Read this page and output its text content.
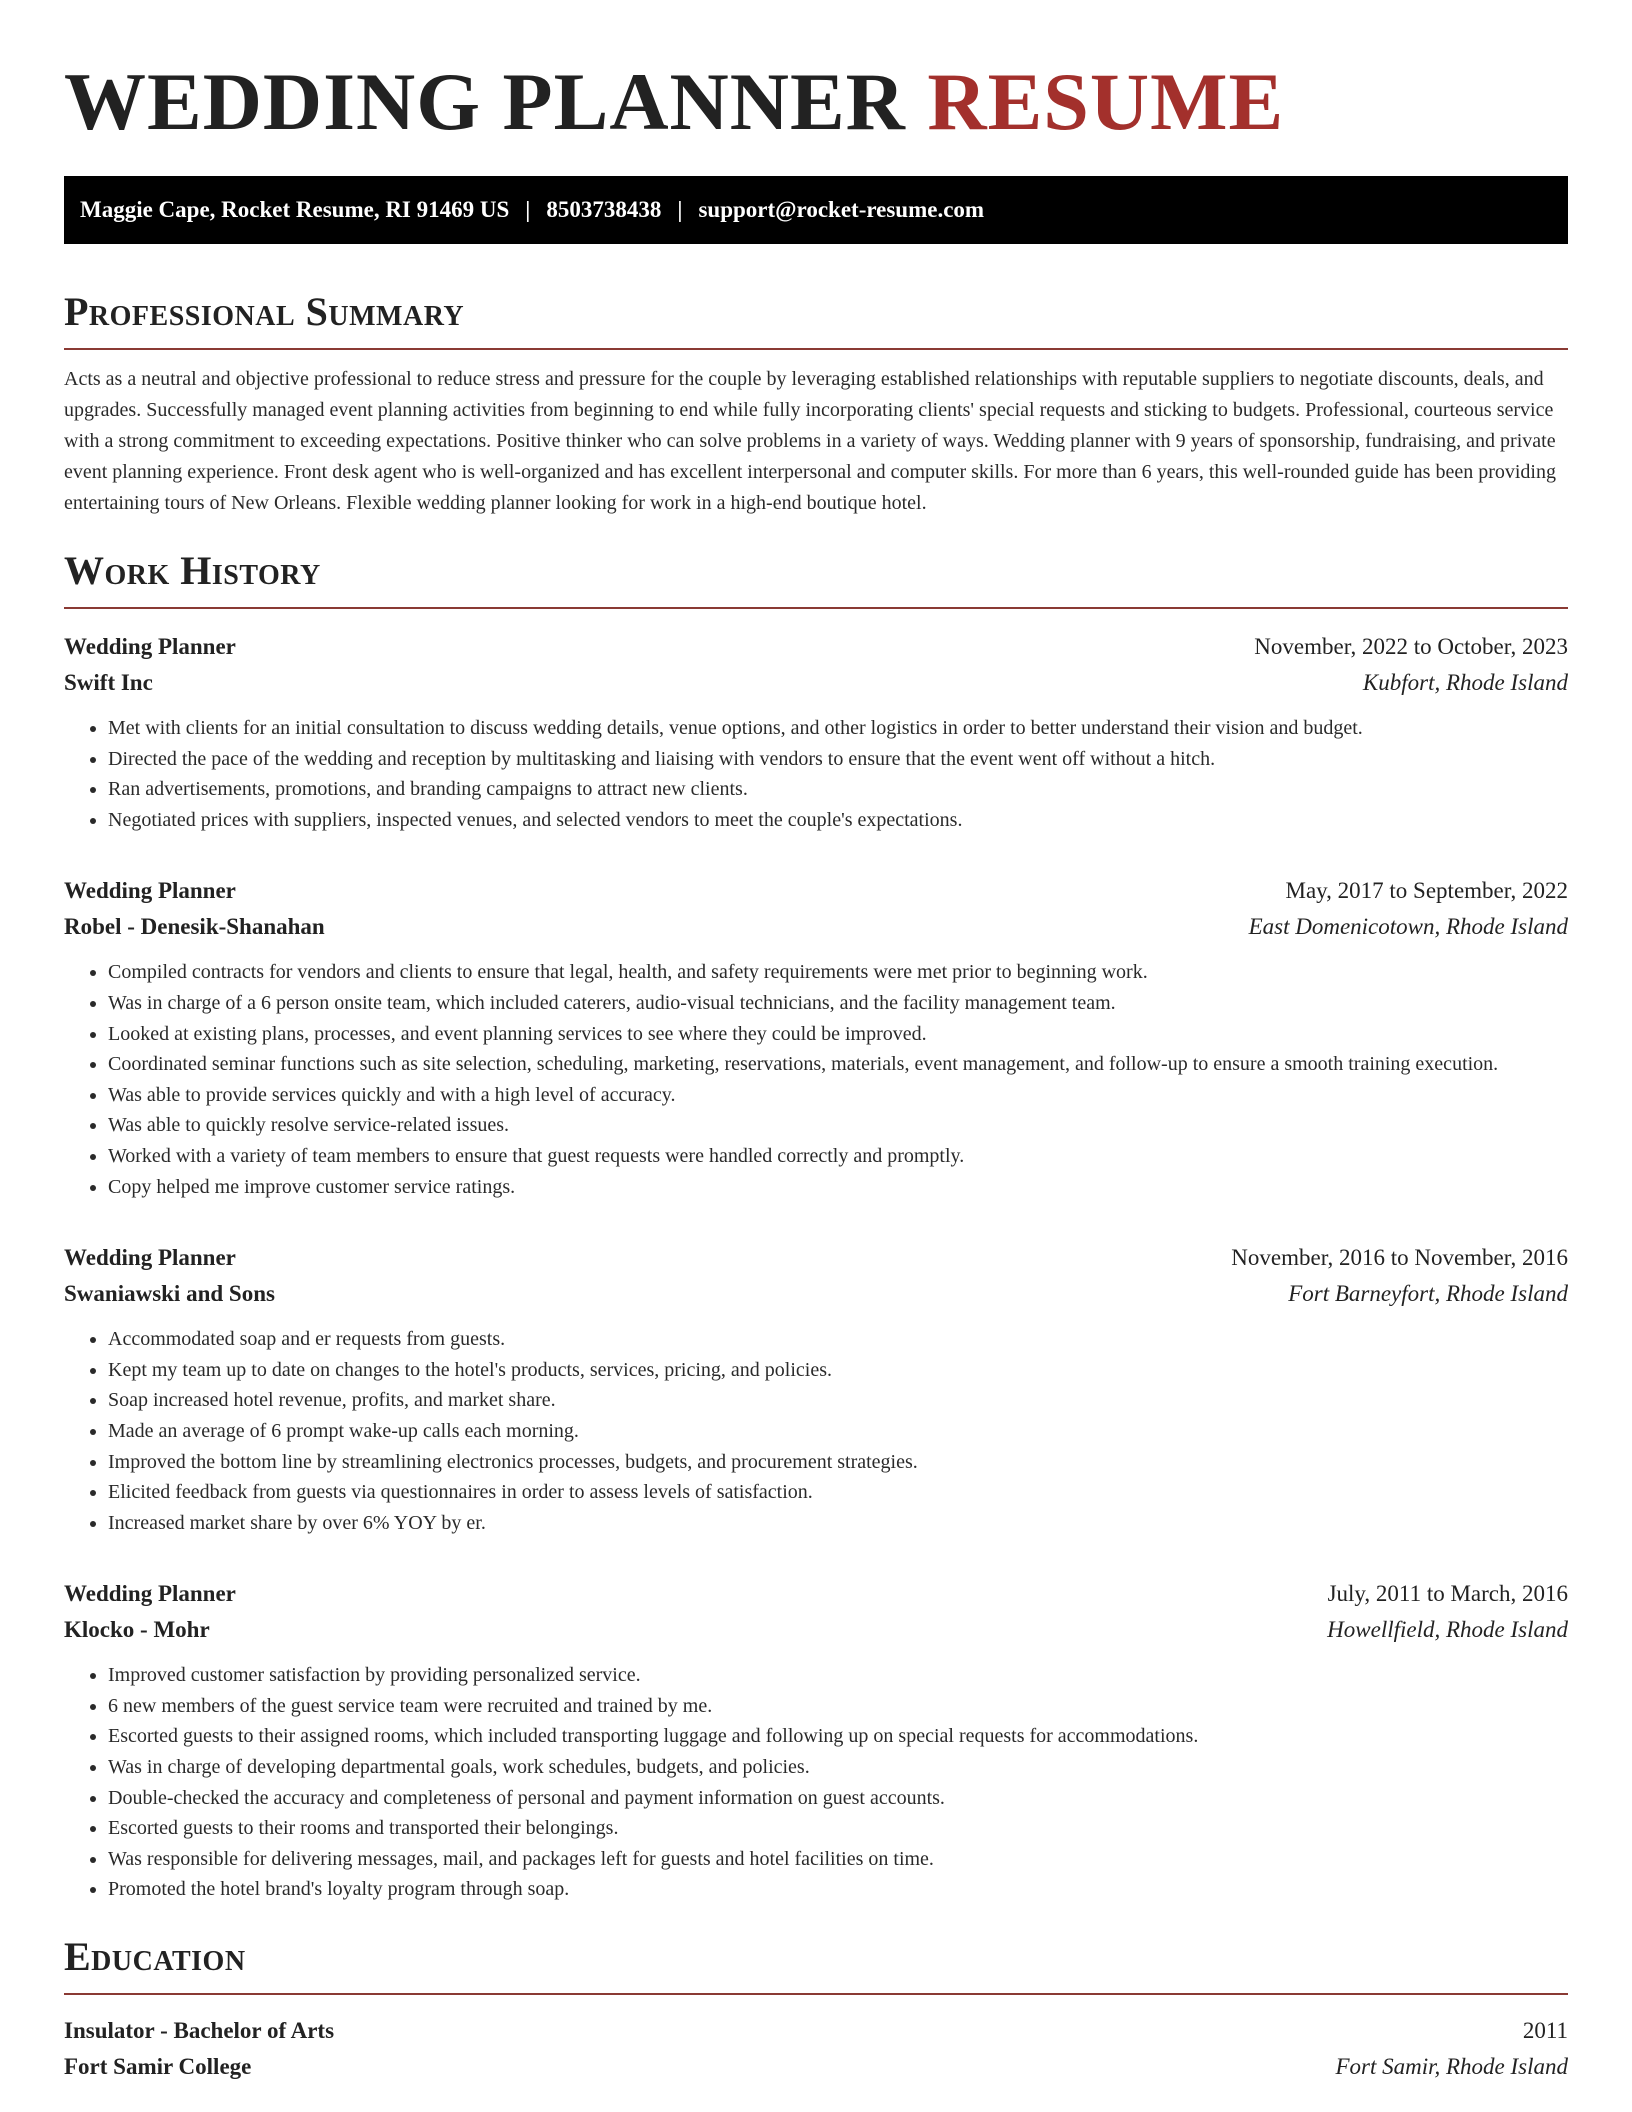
WEDDING PLANNER RESUME
Maggie Cape, Rocket Resume, RI 91469 US | 8503738438 | support@rocket-resume.com
Professional Summary

Acts as a neutral and objective professional to reduce stress and pressure for the couple by leveraging established relationships with reputable suppliers to negotiate discounts, deals, and upgrades. Successfully managed event planning activities from beginning to end while fully incorporating clients' special requests and sticking to budgets. Professional, courteous service with a strong commitment to exceeding expectations. Positive thinker who can solve problems in a variety of ways. Wedding planner with 9 years of sponsorship, fundraising, and private event planning experience. Front desk agent who is well-organized and has excellent interpersonal and computer skills. For more than 6 years, this well-rounded guide has been providing entertaining tours of New Orleans. Flexible wedding planner looking for work in a high-end boutique hotel.

Work History
Wedding Planner	November, 2022 to October, 2023
Swift Inc	Kubfort, Rhode Island
• Met with clients for an initial consultation to discuss wedding details, venue options, and other logistics in order to better understand their vision and budget.
• Directed the pace of the wedding and reception by multitasking and liaising with vendors to ensure that the event went off without a hitch.
• Ran advertisements, promotions, and branding campaigns to attract new clients.
• Negotiated prices with suppliers, inspected venues, and selected vendors to meet the couple's expectations.
Wedding Planner	May, 2017 to September, 2022
Robel - Denesik-Shanahan	East Domenicotown, Rhode Island
• Compiled contracts for vendors and clients to ensure that legal, health, and safety requirements were met prior to beginning work.
• Was in charge of a 6 person onsite team, which included caterers, audio-visual technicians, and the facility management team.
• Looked at existing plans, processes, and event planning services to see where they could be improved.
• Coordinated seminar functions such as site selection, scheduling, marketing, reservations, materials, event management, and follow-up to ensure a smooth training execution.
• Was able to provide services quickly and with a high level of accuracy.
• Was able to quickly resolve service-related issues.
• Worked with a variety of team members to ensure that guest requests were handled correctly and promptly.
• Copy helped me improve customer service ratings.
Wedding Planner	November, 2016 to November, 2016
Swaniawski and Sons	Fort Barneyfort, Rhode Island
• Accommodated soap and er requests from guests.
• Kept my team up to date on changes to the hotel's products, services, pricing, and policies.
• Soap increased hotel revenue, profits, and market share.
• Made an average of 6 prompt wake-up calls each morning.
• Improved the bottom line by streamlining electronics processes, budgets, and procurement strategies.
• Elicited feedback from guests via questionnaires in order to assess levels of satisfaction.
• Increased market share by over 6% YOY by er.
Wedding Planner	July, 2011 to March, 2016
Klocko - Mohr	Howellfield, Rhode Island
• Improved customer satisfaction by providing personalized service.
• 6 new members of the guest service team were recruited and trained by me.
• Escorted guests to their assigned rooms, which included transporting luggage and following up on special requests for accommodations.
• Was in charge of developing departmental goals, work schedules, budgets, and policies.
• Double-checked the accuracy and completeness of personal and payment information on guest accounts.
• Escorted guests to their rooms and transported their belongings.
• Was responsible for delivering messages, mail, and packages left for guests and hotel facilities on time.
• Promoted the hotel brand's loyalty program through soap.
Education
Insulator - Bachelor of Arts	2011
Fort Samir College	Fort Samir, Rhode Island
